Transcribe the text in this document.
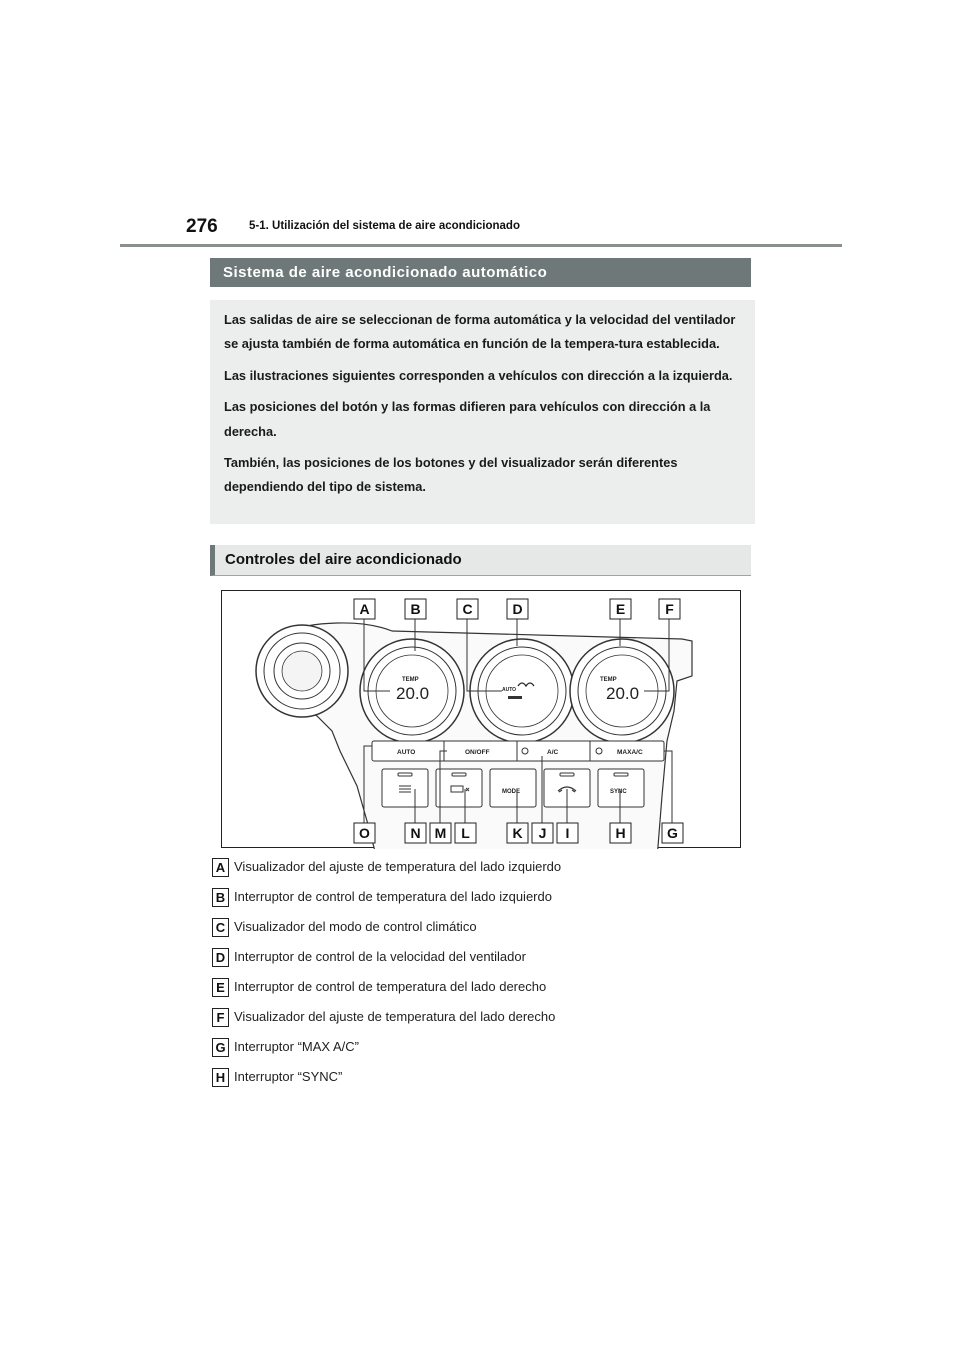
276	5-1. Utilización del sistema de aire acondicionado
Sistema de aire acondicionado automático

Las salidas de aire se seleccionan de forma automática y la velocidad del ventilador se ajusta también de forma automática en función de la tempera-tura establecida.

Las ilustraciones siguientes corresponden a vehículos con dirección a la izquierda.

Las posiciones del botón y las formas difieren para vehículos con dirección a la derecha.

También, las posiciones de los botones y del visualizador serán diferentes dependiendo del tipo de sistema.

Controles del aire acondicionado
TEMP
20.0
TEMP
20.0
AUTO
AUTO	ON/OFF	A/C	MAXA/C
MODE	SYNC
A	B	C	D	E	F
O	N M L	K J I	H	G
A Visualizador del ajuste de temperatura del lado izquierdo
B Interruptor de control de temperatura del lado izquierdo
C Visualizador del modo de control climático
D Interruptor de control de la velocidad del ventilador
E Interruptor de control de temperatura del lado derecho
F Visualizador del ajuste de temperatura del lado derecho
G Interruptor “MAX A/C”
H Interruptor “SYNC”
